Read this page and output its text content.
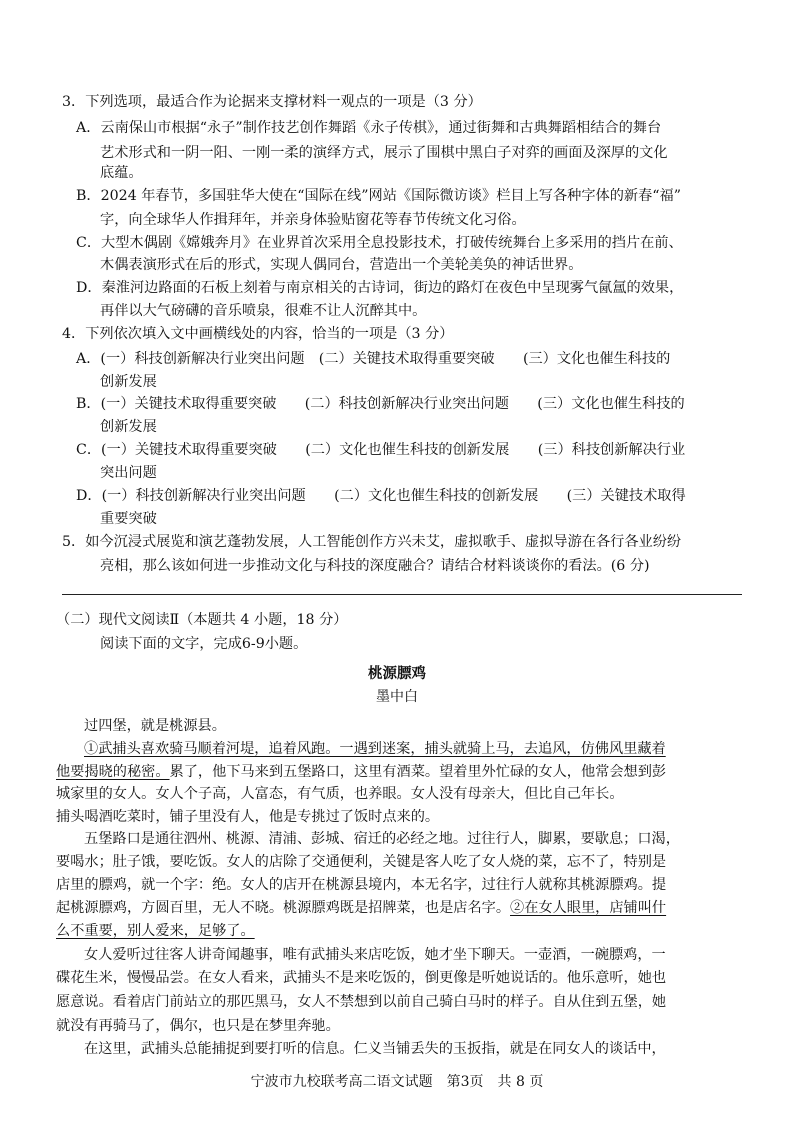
3．下列选项，最适合作为论据来支撑材料一观点的一项是（3 分）
A．云南保山市根据“永子”制作技艺创作舞蹈《永子传棋》，通过街舞和古典舞蹈相结合的舞台
艺术形式和一阴一阳、一刚一柔的演绎方式，展示了围棋中黑白子对弈的画面及深厚的文化
底蕴。
B．2024 年春节，多国驻华大使在“国际在线”网站《国际微访谈》栏目上写各种字体的新春“福”
字，向全球华人作揖拜年，并亲身体验贴窗花等春节传统文化习俗。
C．大型木偶剧《嫦娥奔月》在业界首次采用全息投影技术，打破传统舞台上多采用的挡片在前、
木偶表演形式在后的形式，实现人偶同台，营造出一个美轮美奂的神话世界。
D．秦淮河边路面的石板上刻着与南京相关的古诗词，街边的路灯在夜色中呈现雾气氤氲的效果，
再伴以大气磅礴的音乐喷泉，很难不让人沉醉其中。
4．下列依次填入文中画横线处的内容，恰当的一项是（3 分）
A．(一）科技创新解决行业突出问题　(二）关键技术取得重要突破　　(三）文化也催生科技的
创新发展
B．(一）关键技术取得重要突破　　(二）科技创新解决行业突出问题　　(三）文化也催生科技的
创新发展
C．(一）关键技术取得重要突破　　(二）文化也催生科技的创新发展　　(三）科技创新解决行业
突出问题
D．(一）科技创新解决行业突出问题　　(二）文化也催生科技的创新发展　　(三）关键技术取得
重要突破
5．如今沉浸式展览和演艺蓬勃发展，人工智能创作方兴未艾，虚拟歌手、虚拟导游在各行各业纷纷
亮相，那么该如何进一步推动文化与科技的深度融合？请结合材料谈谈你的看法。(6 分)
（二）现代文阅读Ⅱ（本题共 4 小题，18 分）
阅读下面的文字，完成6-9小题。
桃源膘鸡
墨中白
过四堡，就是桃源县。
①武捕头喜欢骑马顺着河堤，追着风跑。一遇到迷案，捕头就骑上马，去追风，仿佛风里藏着
他要揭晓的秘密。累了，他下马来到五堡路口，这里有酒菜。望着里外忙碌的女人，他常会想到彭
城家里的女人。女人个子高，人富态，有气质，也养眼。女人没有母亲大，但比自己年长。
捕头喝酒吃菜时，铺子里没有人，他是专挑过了饭时点来的。
五堡路口是通往泗州、桃源、清浦、彭城、宿迁的必经之地。过往行人，脚累，要歇息；口渴，
要喝水；肚子饿，要吃饭。女人的店除了交通便利，关键是客人吃了女人烧的菜，忘不了，特别是
店里的膘鸡，就一个字：绝。女人的店开在桃源县境内，本无名字，过往行人就称其桃源膘鸡。提
起桃源膘鸡，方圆百里，无人不晓。桃源膘鸡既是招牌菜，也是店名字。②在女人眼里，店铺叫什
么不重要，别人爱来，足够了。
女人爱听过往客人讲奇闻趣事，唯有武捕头来店吃饭，她才坐下聊天。一壶酒，一碗膘鸡，一
碟花生米，慢慢品尝。在女人看来，武捕头不是来吃饭的，倒更像是听她说话的。他乐意听，她也
愿意说。看着店门前站立的那匹黑马，女人不禁想到以前自己骑白马时的样子。自从住到五堡，她
就没有再骑马了，偶尔，也只是在梦里奔驰。
在这里，武捕头总能捕捉到要打听的信息。仁义当铺丢失的玉扳指，就是在同女人的谈话中，
宁波市九校联考高二语文试题　第3页　共 8 页
